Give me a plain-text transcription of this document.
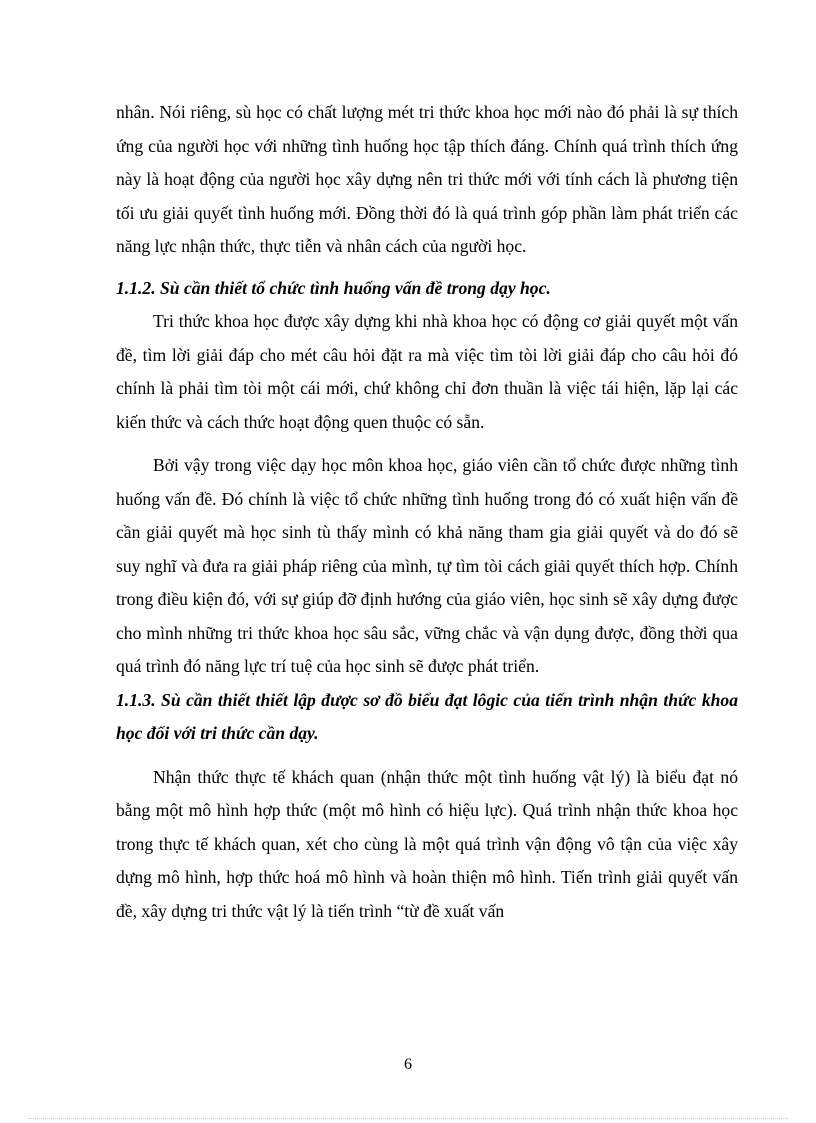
nhân. Nói riêng, sù học có chất lượng mét tri thức khoa học mới nào đó phải là sự thích ứng của người học với những tình huống học tập thích đáng. Chính quá trình thích ứng này là hoạt động của người học xây dựng nên tri thức mới với tính cách là phương tiện tối ưu giải quyết tình huống mới. Đồng thời đó là quá trình góp phần làm phát triển các năng lực nhận thức, thực tiễn và nhân cách của người học.

1.1.2. Sù cần thiết tổ chức tình huống vấn đề trong dạy học.

Tri thức khoa học được xây dựng khi nhà khoa học có động cơ giải quyết một vấn đề, tìm lời giải đáp cho mét câu hỏi đặt ra mà việc tìm tòi lời giải đáp cho câu hỏi đó chính là phải tìm tòi một cái mới, chứ không chỉ đơn thuần là việc tái hiện, lặp lại các kiến thức và cách thức hoạt động quen thuộc có sẵn.

Bởi vậy trong việc dạy học môn khoa học, giáo viên cần tổ chức được những tình huống vấn đề. Đó chính là việc tổ chức những tình huống trong đó có xuất hiện vấn đề cần giải quyết mà học sinh tù thấy mình có khả năng tham gia giải quyết và do đó sẽ suy nghĩ và đưa ra giải pháp riêng của mình, tự tìm tòi cách giải quyết thích hợp. Chính trong điều kiện đó, với sự giúp đỡ định hướng của giáo viên, học sinh sẽ xây dựng được cho mình những tri thức khoa học sâu sắc, vững chắc và vận dụng được, đồng thời qua quá trình đó năng lực trí tuệ của học sinh sẽ được phát triển.

1.1.3. Sù cần thiết thiết lập được sơ đồ biểu đạt lôgic của tiến trình nhận thức khoa học đối với tri thức cần dạy.

Nhận thức thực tế khách quan (nhận thức một tình huống vật lý) là biểu đạt nó bằng một mô hình hợp thức (một mô hình có hiệu lực). Quá trình nhận thức khoa học trong thực tế khách quan, xét cho cùng là một quá trình vận động vô tận của việc xây dựng mô hình, hợp thức hoá mô hình và hoàn thiện mô hình. Tiến trình giải quyết vấn đề, xây dựng tri thức vật lý là tiến trình “từ đề xuất vấn

6
